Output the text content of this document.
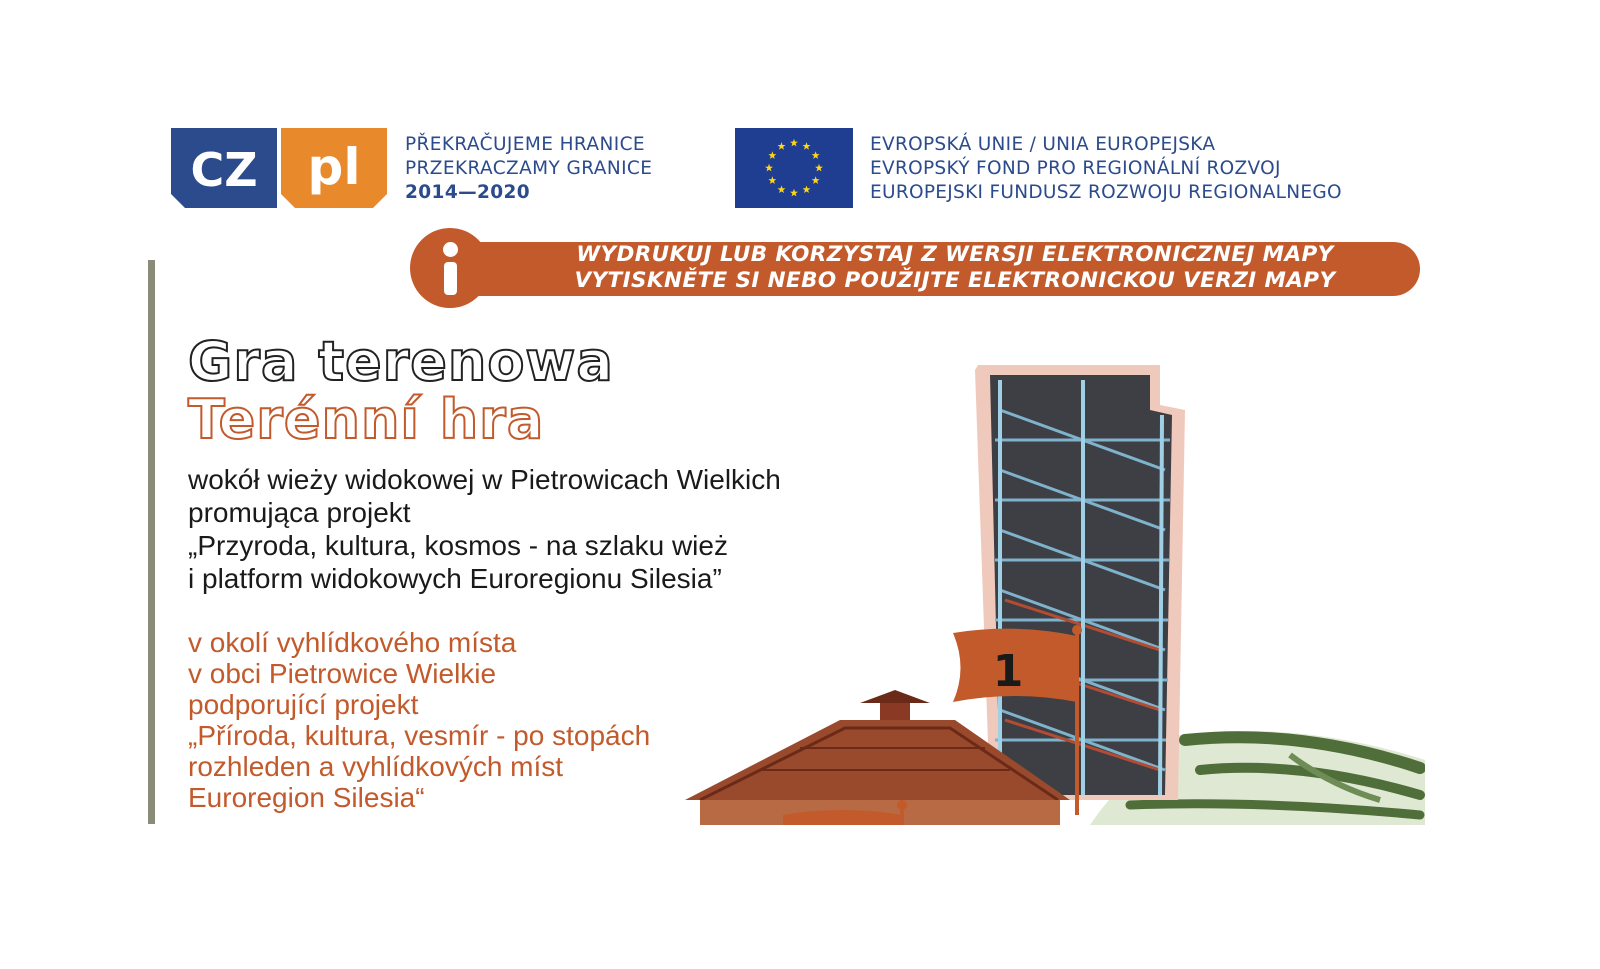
CZ pl PŘEKRAČUJEME HRANICE
PRZEKRACZAMY GRANICE
2014—2020
EVROPSKÁ UNIE / UNIA EUROPEJSKA
EVROPSKÝ FOND PRO REGIONÁLNÍ ROZVOJ
EUROPEJSKI FUNDUSZ ROZWOJU REGIONALNEGO
WYDRUKUJ LUB KORZYSTAJ Z WERSJI ELEKTRONICZNEJ MAPY
VYTISKNĚTE SI NEBO POUŽIJTE ELEKTRONICKOU VERZI MAPY
Gra terenowa
Terénní hra
wokół wieży widokowej w Pietrowicach Wielkich
promująca projekt
„Przyroda, kultura, kosmos - na szlaku wież
i platform widokowych Euroregionu Silesia”
v okolí vyhlídkového místa
v obci Pietrowice Wielkie
podporující projekt
„Příroda, kultura, vesmír - po stopách
rozhleden a vyhlídkových míst
Euroregion Silesia“
1
